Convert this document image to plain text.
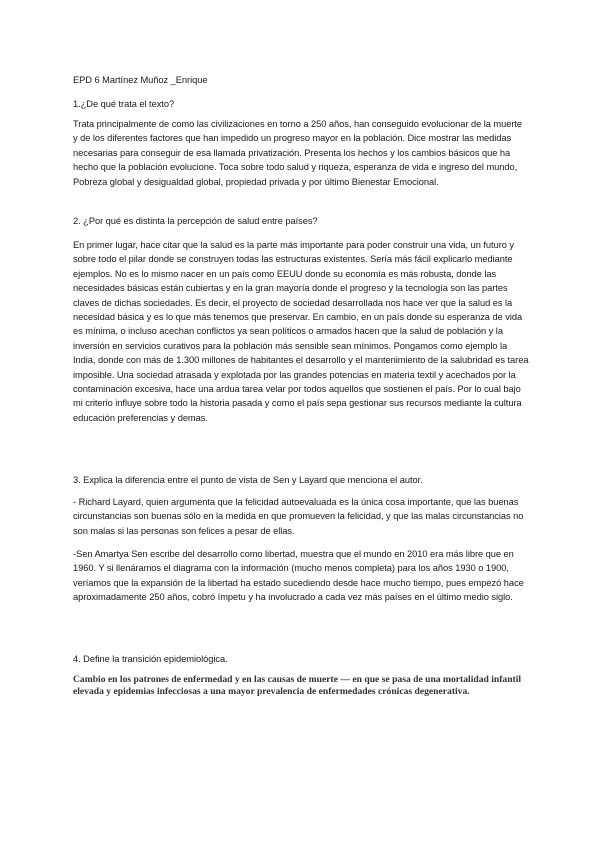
EPD 6 Martínez Muñoz _Enrique

1.¿De qué trata el texto?

Trata principalmente de como las civilizaciones en torno a 250 años, han conseguido evolucionar de la muerte y de los diferentes factores que han impedido un progreso mayor en la población. Dice mostrar las medidas necesarias para conseguir de esa llamada privatización. Presenta los hechos y los cambios básicos que ha hecho que la población evolucione. Toca sobre todo salud y riqueza, esperanza de vida e ingreso del mundo, Pobreza global y desigualdad global, propiedad privada y por último Bienestar Emocional.

2. ¿Por qué es distinta la percepción de salud entre países?

En primer lugar, hace citar que la salud es la parte más importante para poder construir una vida, un futuro y sobre todo el pilar donde se construyen todas las estructuras existentes. Sería más fácil explicarlo mediante ejemplos. No es lo mismo nacer en un país como EEUU donde su economía es más robusta, donde las necesidades básicas están cubiertas y en la gran mayoría donde el progreso y la tecnología son las partes claves de dichas sociedades. Es decir, el proyecto de sociedad desarrollada nos hace ver que la salud es la necesidad básica y es lo que más tenemos que preservar. En cambio, en un país donde su esperanza de vida es mínima, o incluso acechan conflictos ya sean políticos o armados hacen que la salud de población y la inversión en servicios curativos para la población más sensible sean mínimos. Pongamos como ejemplo la India, donde con más de 1.300 millones de habitantes el desarrollo y el mantenimiento de la salubridad es tarea imposible. Una sociedad atrasada y explotada por las grandes potencias en materia textil y acechados por la contaminación excesiva, hace una ardua tarea velar por todos aquellos que sostienen el país. Por lo cual bajo mi criterio influye sobre todo la historia pasada y como el país sepa gestionar sus recursos mediante la cultura educación preferencias y demas.

3. Explica la diferencia entre el punto de vista de Sen y Layard que menciona el autor.

- Richard Layard, quien argumenta que la felicidad autoevaluada es la única cosa importante, que las buenas circunstancias son buenas sólo en la medida en que promueven la felicidad, y que las malas circunstancias no son malas si las personas son felices a pesar de ellas.

-Sen Amartya Sen escribe del desarrollo como libertad, muestra que el mundo en 2010 era más libre que en 1960. Y si llenáramos el diagrama con la información (mucho menos completa) para los años 1930 o 1900, veríamos que la expansión de la libertad ha estado sucediendo desde hace mucho tiempo, pues empezó hace aproximadamente 250 años, cobró ímpetu y ha involucrado a cada vez más países en el último medio siglo.

4. Define la transición epidemiológica.

Cambio en los patrones de enfermedad y en las causas de muerte — en que se pasa de una mortalidad infantil elevada y epidemias infecciosas a una mayor prevalencia de enfermedades crónicas degenerativa.
